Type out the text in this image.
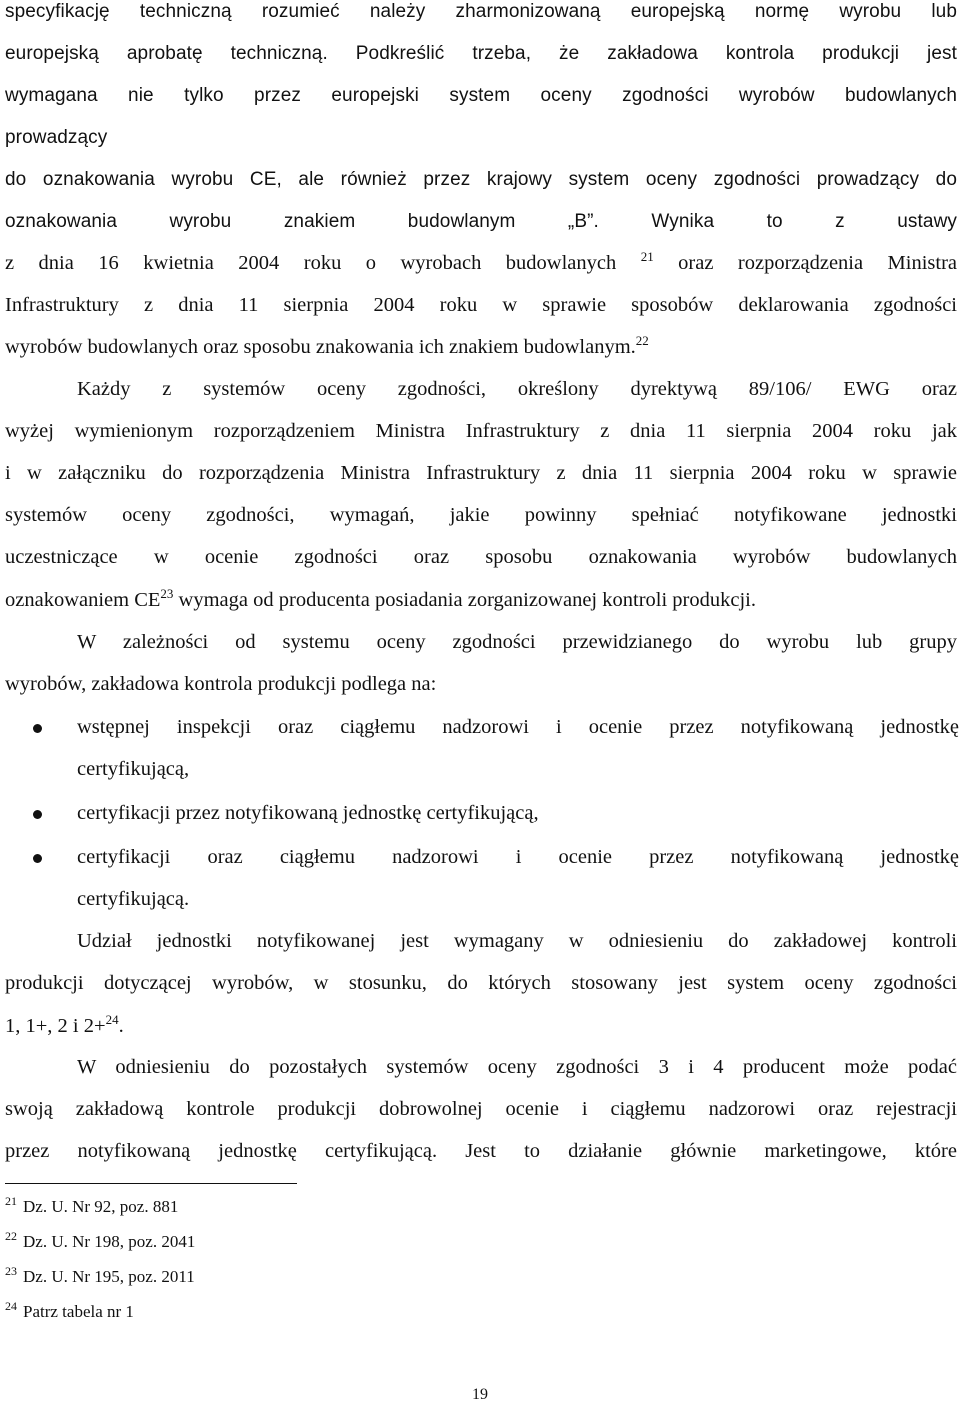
specyfikację techniczną rozumieć należy zharmonizowaną europejską normę wyrobu lub
europejską aprobatę techniczną. Podkreślić trzeba, że zakładowa kontrola produkcji jest
wymagana nie tylko przez europejski system oceny zgodności wyrobów budowlanych
prowadzący
do oznakowania wyrobu CE, ale również przez krajowy system oceny zgodności prowadzący do
oznakowania wyrobu znakiem budowlanym „B”. Wynika to z ustawy
z dnia 16 kwietnia 2004 roku o wyrobach budowlanych $^{21}$ oraz rozporządzenia Ministra
Infrastruktury z dnia 11 sierpnia 2004 roku w sprawie sposobów deklarowania zgodności
wyrobów budowlanych oraz sposobu znakowania ich znakiem budowlanym.$^{22}$
Każdy z systemów oceny zgodności, określony dyrektywą 89/106/ EWG oraz
wyżej wymienionym rozporządzeniem Ministra Infrastruktury z dnia 11 sierpnia 2004 roku jak
i w załączniku do rozporządzenia Ministra Infrastruktury z dnia 11 sierpnia 2004 roku w sprawie
systemów oceny zgodności, wymagań, jakie powinny spełniać notyfikowane jednostki
uczestniczące w ocenie zgodności oraz sposobu oznakowania wyrobów budowlanych
oznakowaniem CE$^{23}$ wymaga od producenta posiadania zorganizowanej kontroli produkcji.
W zależności od systemu oceny zgodności przewidzianego do wyrobu lub grupy
wyrobów, zakładowa kontrola produkcji podlega na:
wstępnej inspekcji oraz ciągłemu nadzorowi i ocenie przez notyfikowaną jednostkę
certyfikującą,
certyfikacji przez notyfikowaną jednostkę certyfikującą,
certyfikacji oraz ciągłemu nadzorowi i ocenie przez notyfikowaną jednostkę
certyfikującą.
Udział jednostki notyfikowanej jest wymagany w odniesieniu do zakładowej kontroli
produkcji dotyczącej wyrobów, w stosunku, do których stosowany jest system oceny zgodności
1, 1+, 2 i 2+$^{24}$.
W odniesieniu do pozostałych systemów oceny zgodności 3 i 4 producent może podać
swoją zakładową kontrole produkcji dobrowolnej ocenie i ciągłemu nadzorowi oraz rejestracji
przez notyfikowaną jednostkę certyfikującą. Jest to działanie głównie marketingowe, które
$^{21}$ Dz. U. Nr 92, poz. 881
$^{22}$ Dz. U. Nr 198, poz. 2041
$^{23}$ Dz. U. Nr 195, poz. 2011
$^{24}$ Patrz tabela nr 1
19
